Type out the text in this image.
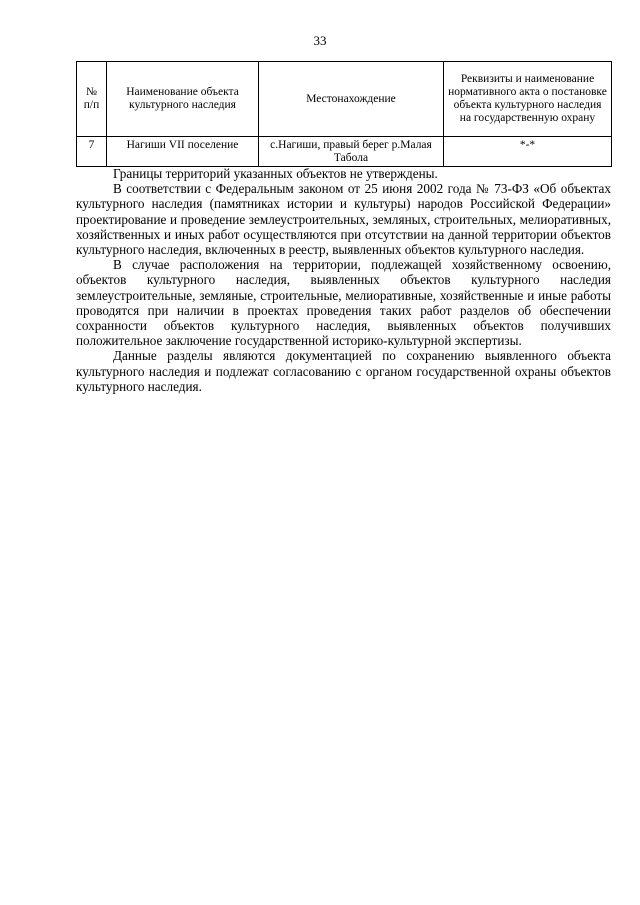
33
№ п/п	Наименование объекта культурного наследия	Местонахождение	Реквизиты и наименование нормативного акта о постановке объекта культурного наследия на государственную охрану
7	Нагиши VII поселение	с.Нагиши, правый берег р.Малая Табола	*-*

Границы территорий указанных объектов не утверждены.

В соответствии с Федеральным законом от 25 июня 2002 года № 73-ФЗ «Об объектах культурного наследия (памятниках истории и культуры) народов Российской Федерации» проектирование и проведение землеустроительных, земляных, строительных, мелиоративных, хозяйственных и иных работ осуществляются при отсутствии на данной территории объектов культурного наследия, включенных в реестр, выявленных объектов культурного наследия.

В случае расположения на территории, подлежащей хозяйственному освоению, объектов культурного наследия, выявленных объектов культурного наследия землеустроительные, земляные, строительные, мелиоративные, хозяйственные и иные работы проводятся при наличии в проектах проведения таких работ разделов об обеспечении сохранности объектов культурного наследия, выявленных объектов получивших положительное заключение государственной историко-культурной экспертизы.

Данные разделы являются документацией по сохранению выявленного объекта культурного наследия и подлежат согласованию с органом государственной охраны объектов культурного наследия.
